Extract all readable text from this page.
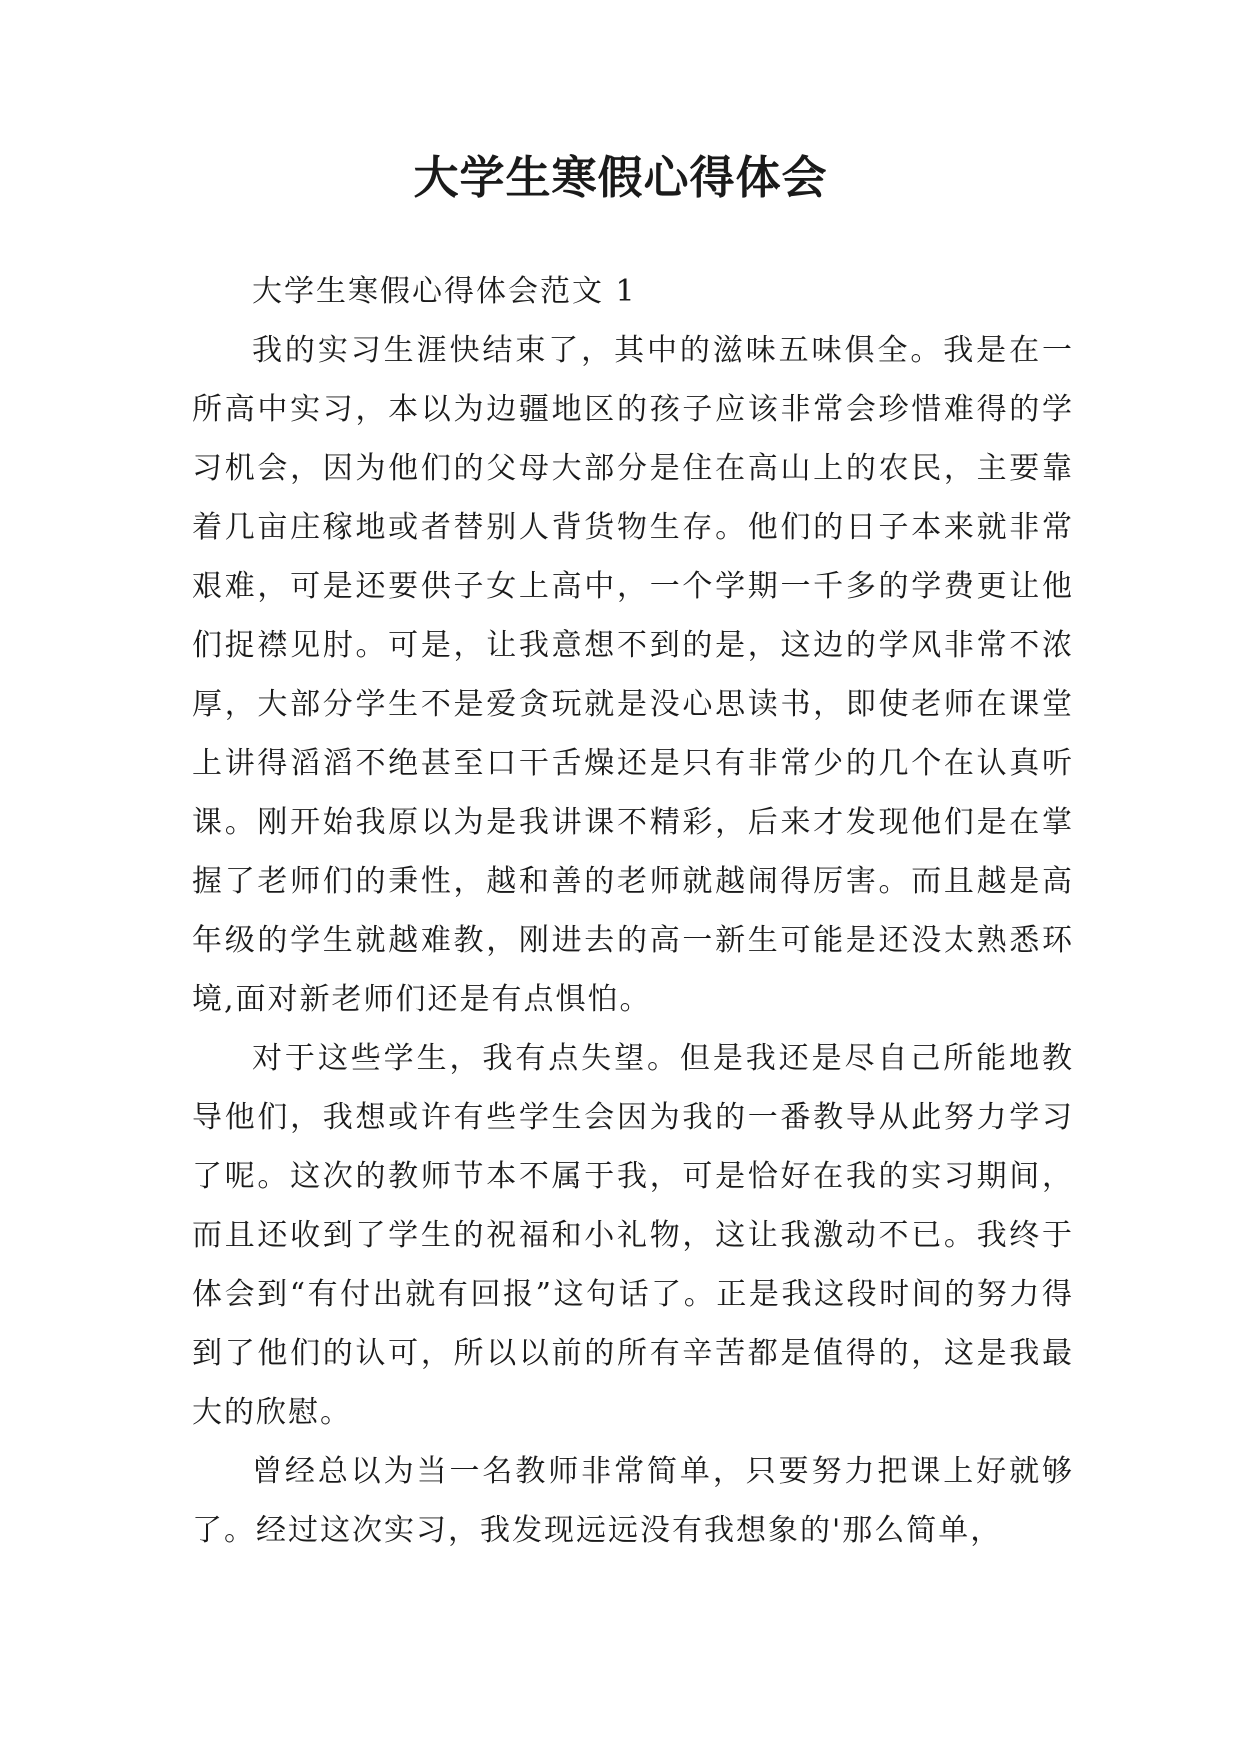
大学生寒假心得体会

大学生寒假心得体会范文 1

我的实习生涯快结束了，其中的滋味五味俱全。我是在一所高中实习，本以为边疆地区的孩子应该非常会珍惜难得的学习机会，因为他们的父母大部分是住在高山上的农民，主要靠着几亩庄稼地或者替别人背货物生存。他们的日子本来就非常艰难，可是还要供子女上高中，一个学期一千多的学费更让他们捉襟见肘。可是，让我意想不到的是，这边的学风非常不浓厚，大部分学生不是爱贪玩就是没心思读书，即使老师在课堂上讲得滔滔不绝甚至口干舌燥还是只有非常少的几个在认真听课。刚开始我原以为是我讲课不精彩，后来才发现他们是在掌握了老师们的秉性，越和善的老师就越闹得厉害。而且越是高年级的学生就越难教，刚进去的高一新生可能是还没太熟悉环境,面对新老师们还是有点惧怕。

对于这些学生，我有点失望。但是我还是尽自己所能地教导他们，我想或许有些学生会因为我的一番教导从此努力学习了呢。这次的教师节本不属于我，可是恰好在我的实习期间，而且还收到了学生的祝福和小礼物，这让我激动不已。我终于体会到“有付出就有回报”这句话了。正是我这段时间的努力得到了他们的认可，所以以前的所有辛苦都是值得的，这是我最大的欣慰。

曾经总以为当一名教师非常简单，只要努力把课上好就够了。经过这次实习，我发现远远没有我想象的'那么简单，
